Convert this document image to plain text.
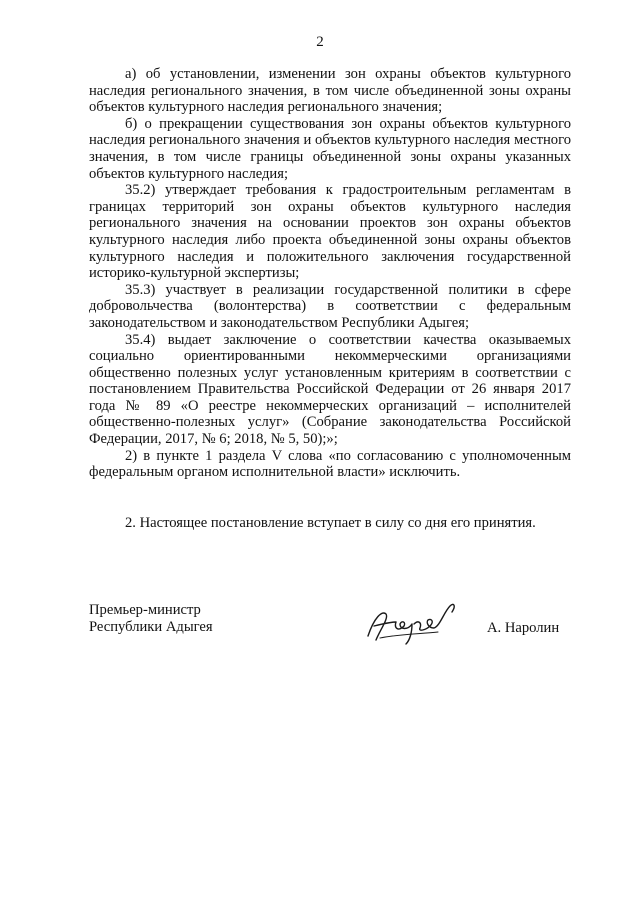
2

а) об установлении, изменении зон охраны объектов культурного наследия регионального значения, в том числе объединенной зоны охраны объектов культурного наследия регионального значения;

б) о прекращении существования зон охраны объектов культурного наследия регионального значения и объектов культурного наследия местного значения, в том числе границы объединенной зоны охраны указанных объектов культурного наследия;

35.2) утверждает требования к градостроительным регламентам в границах территорий зон охраны объектов культурного наследия регионального значения на основании проектов зон охраны объектов культурного наследия либо проекта объединенной зоны охраны объектов культурного наследия и положительного заключения государственной историко-культурной экспертизы;

35.3) участвует в реализации государственной политики в сфере добровольчества (волонтерства) в соответствии с федеральным законодательством и законодательством Республики Адыгея;

35.4) выдает заключение о соответствии качества оказываемых социально ориентированными некоммерческими организациями общественно полезных услуг установленным критериям в соответствии с постановлением Правительства Российской Федерации от 26 января 2017 года № 89 «О реестре некоммерческих организаций – исполнителей общественно-полезных услуг» (Собрание законодательства Российской Федерации, 2017, № 6; 2018, № 5, 50);»;

2) в пункте 1 раздела V слова «по согласованию с уполномоченным федеральным органом исполнительной власти» исключить.

2. Настоящее постановление вступает в силу со дня его принятия.

Премьер-министр
Республики Адыгея	А. Наролин
